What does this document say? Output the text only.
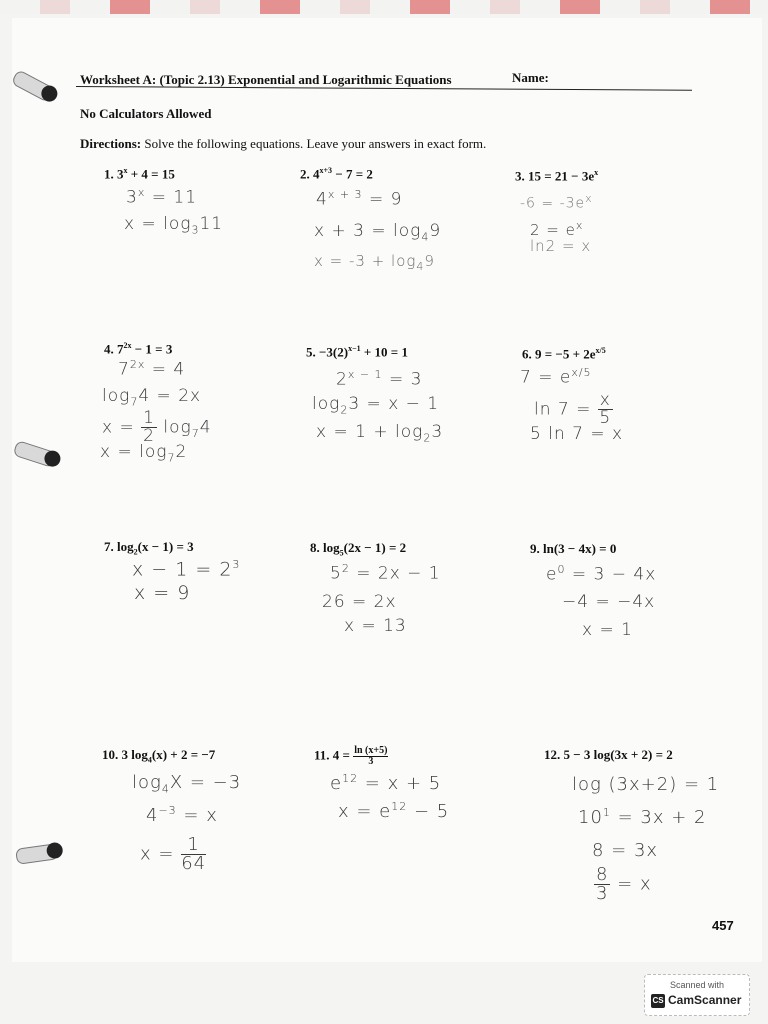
Worksheet A: (Topic 2.13) Exponential and Logarithmic Equations	Name:
No Calculators Allowed
Directions: Solve the following equations. Leave your answers in exact form.
1. $3^x + 4 = 15$
$3^x = 11$
$x = \log_311$
2. $4^{x+3} - 7 = 2$
$4^{x + 3} = 9$
$x + 3 = \log_49$
$x = -3 + \log_49$
3. $15 = 21 - 3e^x$
$-6 = -3e^x$
$2 = e^x$
ln2 = x
4. $7^{2x} - 1 = 3$
$7^{2x} = 4$
$\log_74 = 2x$
$x = \frac{1}{2} \log_74$
$x = \log_72$
5. $-3(2)^{x-1} + 10 = 1$
$2^{x - 1} = 3$
$\log_23 = x - 1$
$x = 1 + \log_23$
6. $9 = -5 + 2e^{x/5}$
$7 = e^{x/5}$
$\ln 7 = \frac{x}{5}$
5 ln 7 = x
7. $\log_2(x - 1) = 3$
$x - 1 = 2^3$
x = 9
8. $\log_5(2x - 1) = 2$
$5^2 = 2x - 1$
26 = 2x
x = 13
9. ln(3 − 4x) = 0
$e^0 = 3 - 4x$
−4 = −4x
x = 1
10. 3 $\log_4(x) + 2 = -7$
$\log_4X = -3$
$4^{-3} = x$
$x = \frac{1}{64}$
11. $4 = \frac{\ln (x+5)}{3}$
$e^{12} = x + 5$
$x = e^{12} - 5$
12. 5 − 3 log(3x + 2) = 2
log (3x+2) = 1
$10^1 = 3x + 2$
8 = 3x
$\frac{8}{3} = x$
457
Scanned with
CS CamScanner
